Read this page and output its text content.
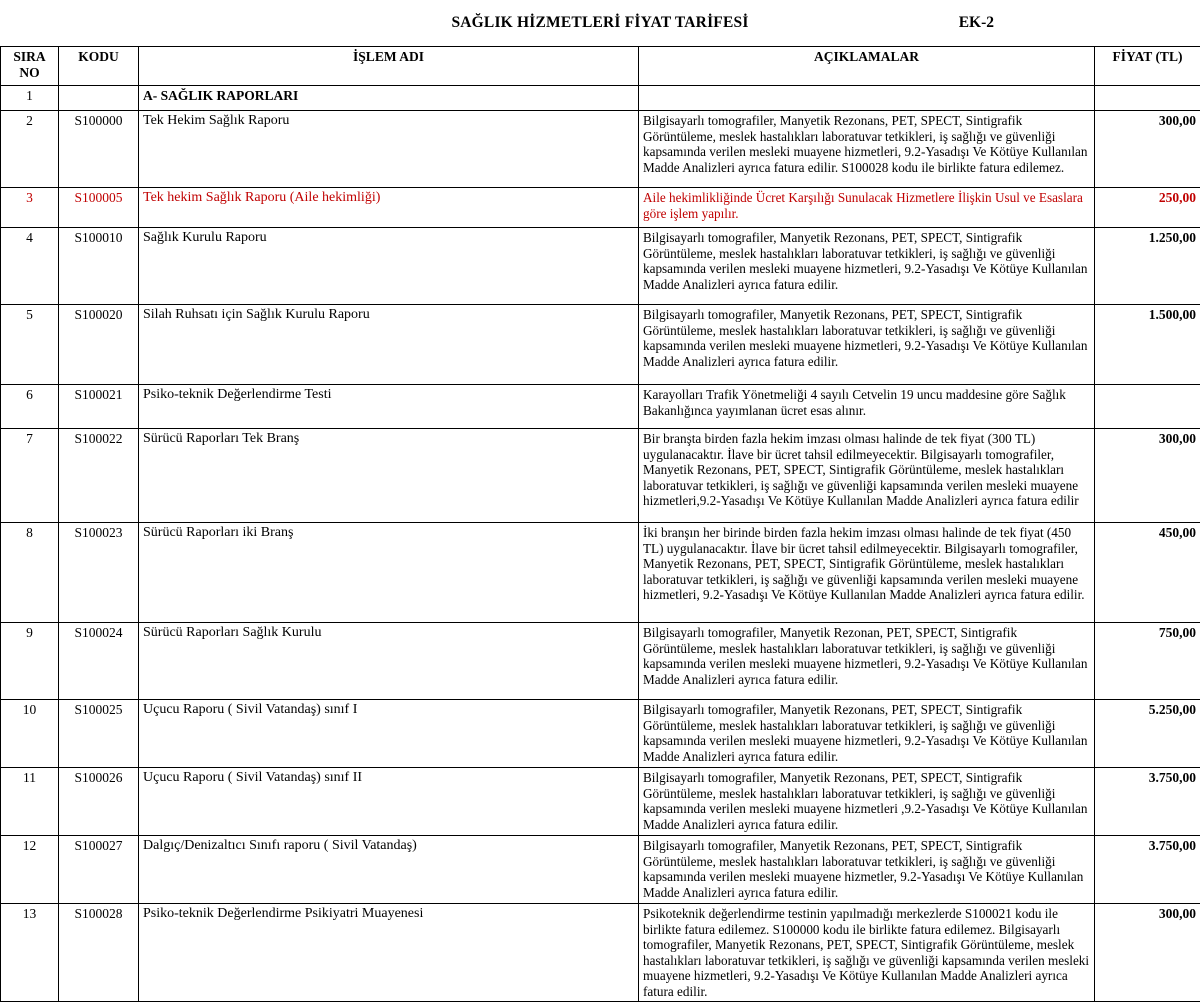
SAĞLIK HİZMETLERİ FİYAT TARİFESİ	EK-2
SIRA
NO	KODU	İŞLEM ADI	AÇIKLAMALAR	FİYAT (TL)
1		A- SAĞLIK RAPORLARI		
2	S100000	Tek Hekim Sağlık Raporu	Bilgisayarlı tomografiler, Manyetik Rezonans, PET, SPECT, Sintigrafik Görüntüleme, meslek hastalıkları laboratuvar tetkikleri, iş sağlığı ve güvenliği kapsamında verilen mesleki muayene hizmetleri, 9.2-Yasadışı Ve Kötüye Kullanılan Madde Analizleri ayrıca fatura edilir. S100028 kodu ile birlikte fatura edilemez.	300,00
3	S100005	Tek hekim Sağlık Raporu (Aile hekimliği)	Aile hekimlikliğinde Ücret Karşılığı Sunulacak Hizmetlere İlişkin Usul ve Esaslara göre işlem yapılır.	250,00
4	S100010	Sağlık Kurulu Raporu	Bilgisayarlı tomografiler, Manyetik Rezonans, PET, SPECT, Sintigrafik Görüntüleme, meslek hastalıkları laboratuvar tetkikleri, iş sağlığı ve güvenliği kapsamında verilen mesleki muayene hizmetleri, 9.2-Yasadışı Ve Kötüye Kullanılan Madde Analizleri ayrıca fatura edilir.	1.250,00
5	S100020	Silah Ruhsatı için Sağlık Kurulu Raporu	Bilgisayarlı tomografiler, Manyetik Rezonans, PET, SPECT, Sintigrafik Görüntüleme, meslek hastalıkları laboratuvar tetkikleri, iş sağlığı ve güvenliği kapsamında verilen mesleki muayene hizmetleri, 9.2-Yasadışı Ve Kötüye Kullanılan Madde Analizleri ayrıca fatura edilir.	1.500,00
6	S100021	Psiko-teknik Değerlendirme Testi	Karayolları Trafik Yönetmeliği 4 sayılı Cetvelin 19 uncu maddesine göre Sağlık Bakanlığınca yayımlanan ücret esas alınır.	
7	S100022	Sürücü Raporları Tek Branş	Bir branşta birden fazla hekim imzası olması halinde de tek fiyat (300 TL) uygulanacaktır. İlave bir ücret tahsil edilmeyecektir. Bilgisayarlı tomografiler, Manyetik Rezonans, PET, SPECT, Sintigrafik Görüntüleme, meslek hastalıkları laboratuvar tetkikleri, iş sağlığı ve güvenliği kapsamında verilen mesleki muayene hizmetleri,9.2-Yasadışı Ve Kötüye Kullanılan Madde Analizleri ayrıca fatura edilir	300,00
8	S100023	Sürücü Raporları iki Branş	İki branşın her birinde birden fazla hekim imzası olması halinde de tek fiyat (450 TL) uygulanacaktır. İlave bir ücret tahsil edilmeyecektir. Bilgisayarlı tomografiler, Manyetik Rezonans, PET, SPECT, Sintigrafik Görüntüleme, meslek hastalıkları laboratuvar tetkikleri, iş sağlığı ve güvenliği kapsamında verilen mesleki muayene hizmetleri, 9.2-Yasadışı Ve Kötüye Kullanılan Madde Analizleri ayrıca fatura edilir.	450,00
9	S100024	Sürücü Raporları Sağlık Kurulu	Bilgisayarlı tomografiler, Manyetik Rezonan, PET, SPECT, Sintigrafik Görüntüleme, meslek hastalıkları laboratuvar tetkikleri, iş sağlığı ve güvenliği kapsamında verilen mesleki muayene hizmetleri, 9.2-Yasadışı Ve Kötüye Kullanılan Madde Analizleri ayrıca fatura edilir.	750,00
10	S100025	Uçucu Raporu ( Sivil Vatandaş) sınıf I	Bilgisayarlı tomografiler, Manyetik Rezonans, PET, SPECT, Sintigrafik Görüntüleme, meslek hastalıkları laboratuvar tetkikleri, iş sağlığı ve güvenliği kapsamında verilen mesleki muayene hizmetleri, 9.2-Yasadışı Ve Kötüye Kullanılan Madde Analizleri ayrıca fatura edilir.	5.250,00
11	S100026	Uçucu Raporu ( Sivil Vatandaş) sınıf II	Bilgisayarlı tomografiler, Manyetik Rezonans, PET, SPECT, Sintigrafik Görüntüleme, meslek hastalıkları laboratuvar tetkikleri, iş sağlığı ve güvenliği kapsamında verilen mesleki muayene hizmetleri ,9.2-Yasadışı Ve Kötüye Kullanılan Madde Analizleri ayrıca fatura edilir.	3.750,00
12	S100027	Dalgıç/Denizaltıcı Sınıfı raporu ( Sivil Vatandaş)	Bilgisayarlı tomografiler, Manyetik Rezonans, PET, SPECT, Sintigrafik Görüntüleme, meslek hastalıkları laboratuvar tetkikleri, iş sağlığı ve güvenliği kapsamında verilen mesleki muayene hizmetler, 9.2-Yasadışı Ve Kötüye Kullanılan Madde Analizleri ayrıca fatura edilir.	3.750,00
13	S100028	Psiko-teknik Değerlendirme Psikiyatri Muayenesi	Psikoteknik değerlendirme testinin yapılmadığı merkezlerde S100021 kodu ile birlikte fatura edilemez. S100000 kodu ile birlikte fatura edilemez. Bilgisayarlı tomografiler, Manyetik Rezonans, PET, SPECT, Sintigrafik Görüntüleme, meslek hastalıkları laboratuvar tetkikleri, iş sağlığı ve güvenliği kapsamında verilen mesleki muayene hizmetleri, 9.2-Yasadışı Ve Kötüye Kullanılan Madde Analizleri ayrıca fatura edilir.	300,00
